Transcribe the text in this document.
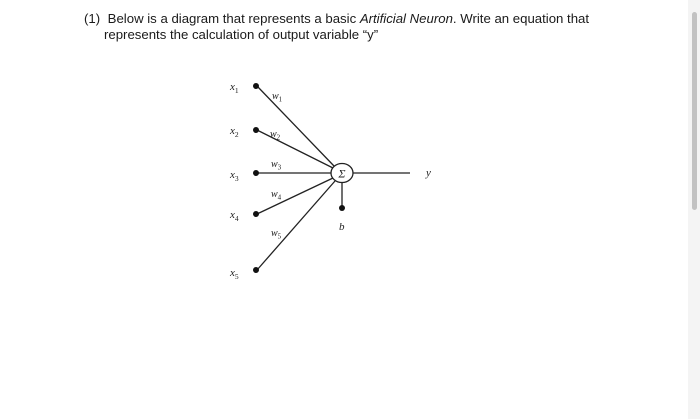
(1) Below is a diagram that represents a basic Artificial Neuron. Write an equation that
represents the calculation of output variable “y”
$x_1$
$x_2$
$x_3$
$x_4$
$x_5$
$w_1$
$w_2$
$w_3$
$w_4$
$w_5$
Σ	y
b
